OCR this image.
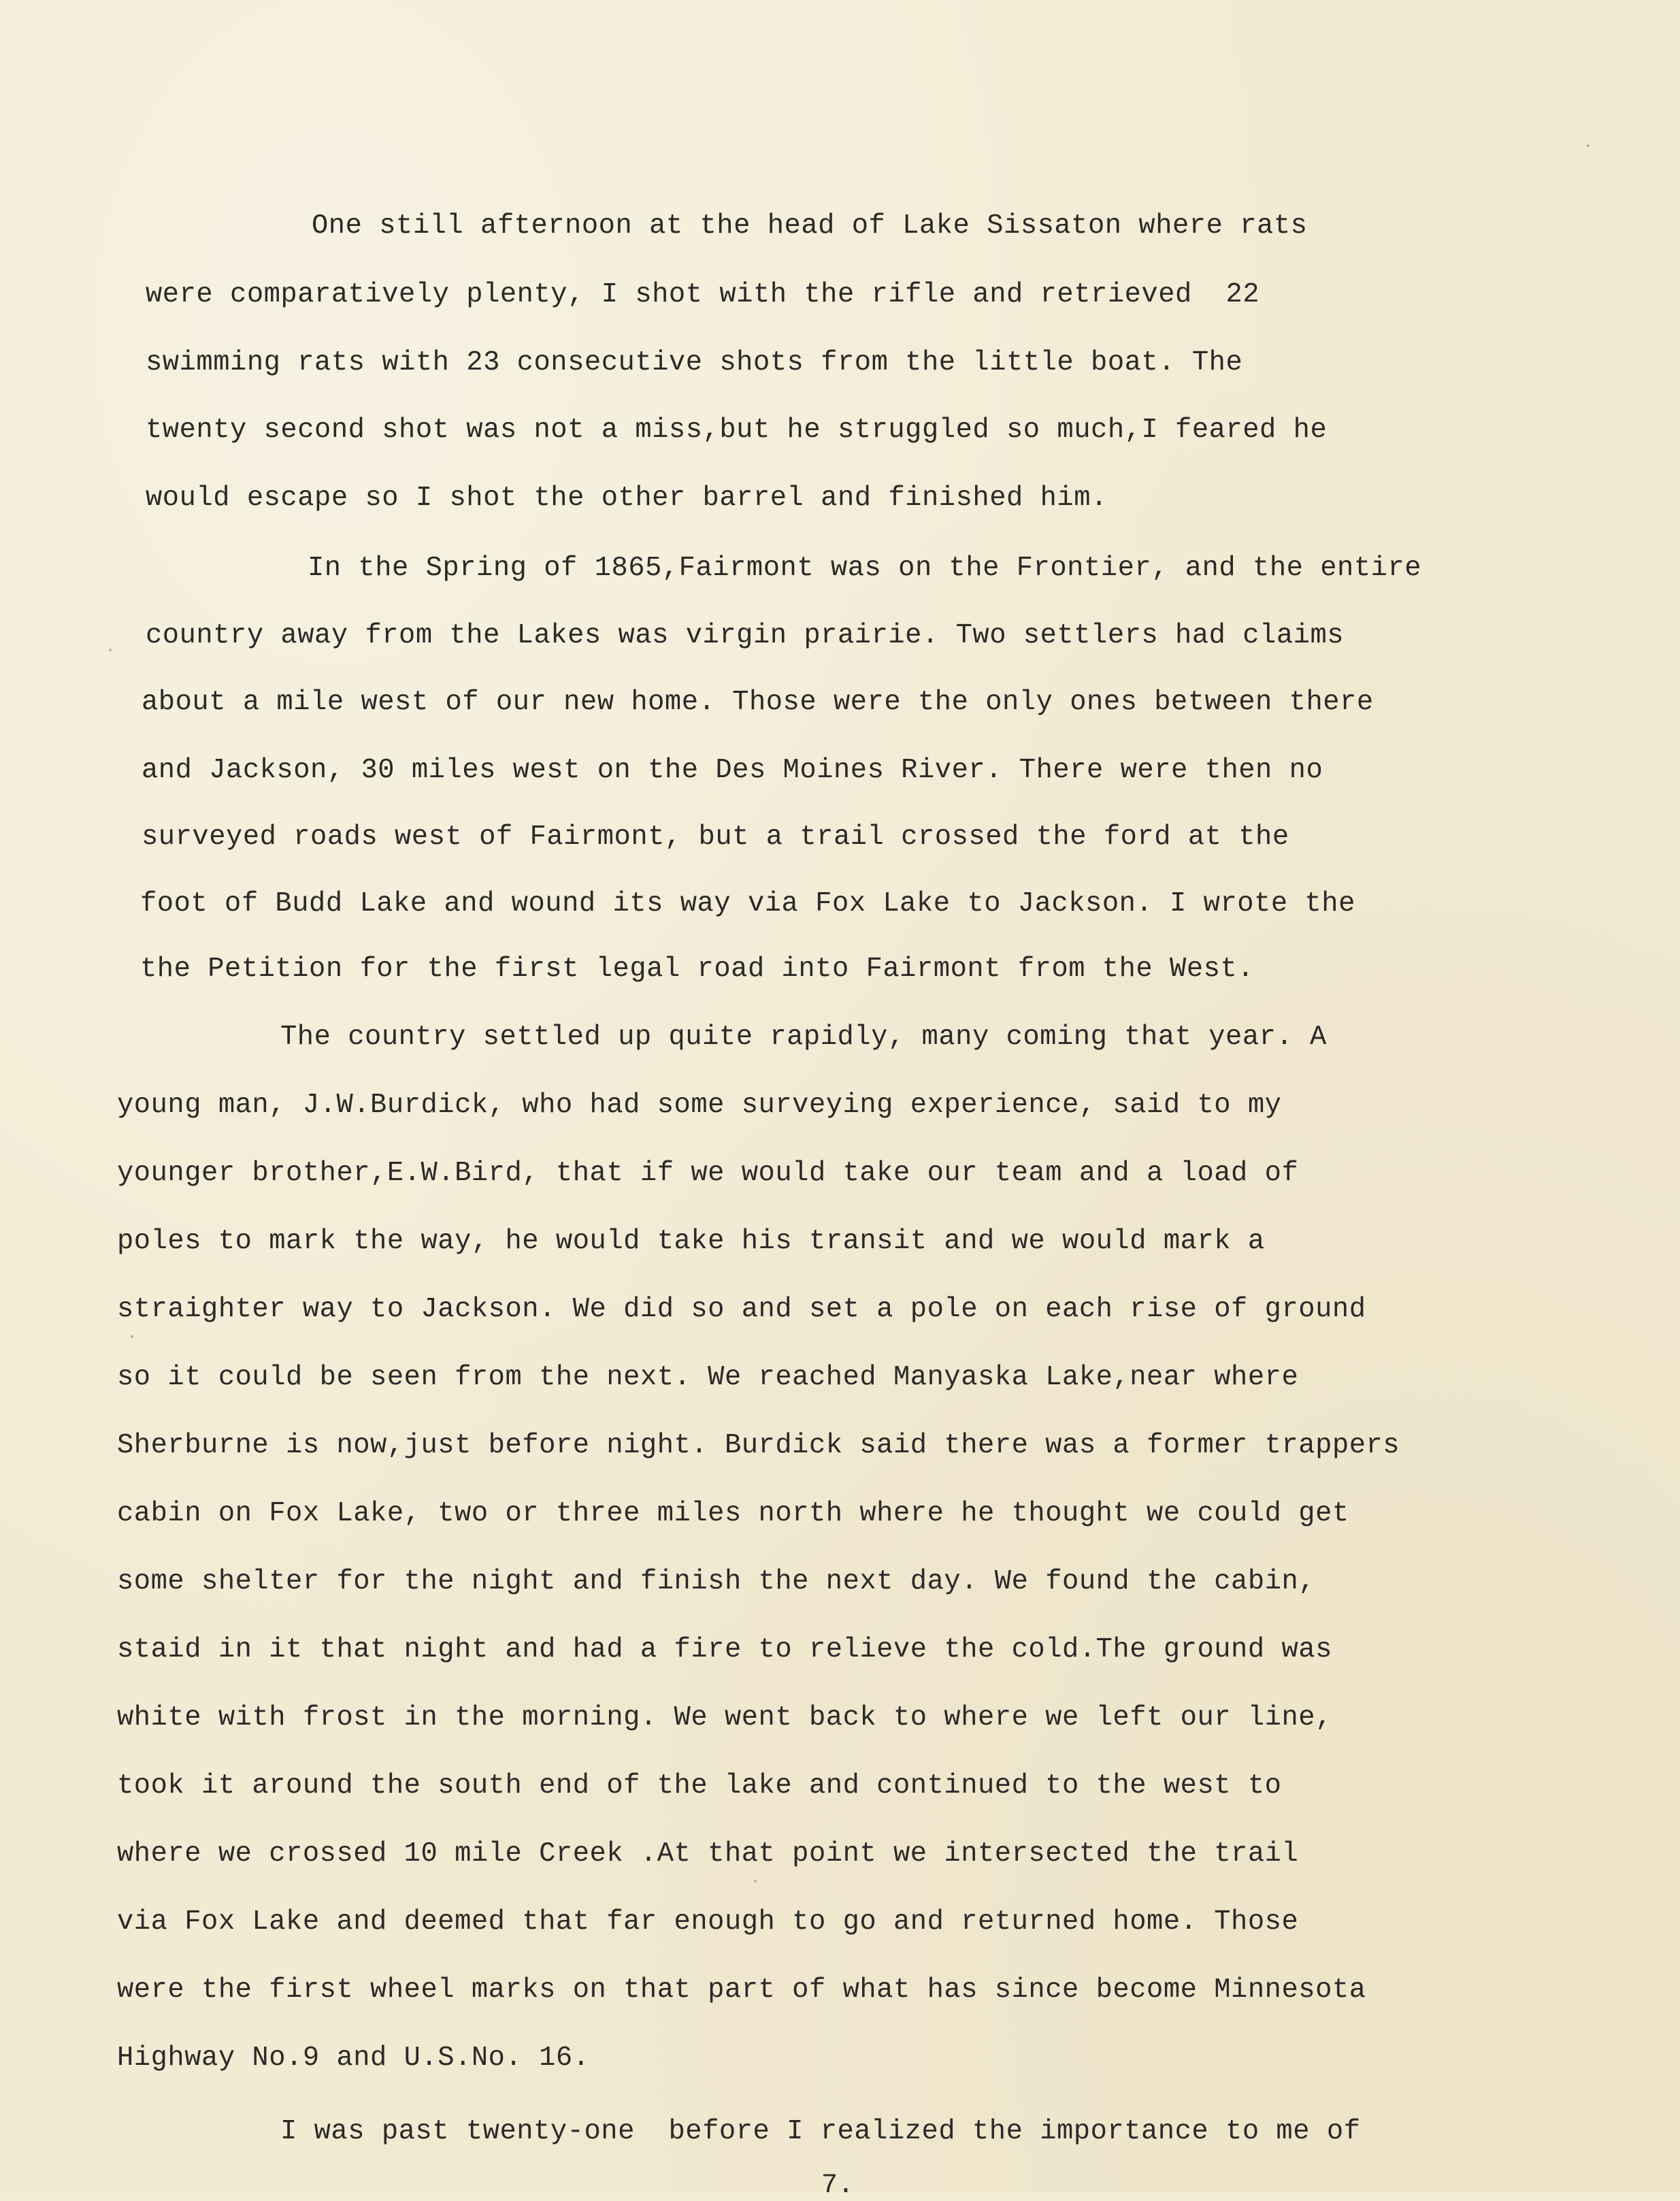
One still afternoon at the head of Lake Sissaton where rats
were comparatively plenty, I shot with the rifle and retrieved  22
swimming rats with 23 consecutive shots from the little boat. The
twenty second shot was not a miss,but he struggled so much,I feared he
would escape so I shot the other barrel and finished him.
In the Spring of 1865,Fairmont was on the Frontier, and the entire
country away from the Lakes was virgin prairie. Two settlers had claims
about a mile west of our new home. Those were the only ones between there
and Jackson, 30 miles west on the Des Moines River. There were then no
surveyed roads west of Fairmont, but a trail crossed the ford at the
foot of Budd Lake and wound its way via Fox Lake to Jackson. I wrote the
the Petition for the first legal road into Fairmont from the West.
The country settled up quite rapidly, many coming that year. A
young man, J.W.Burdick, who had some surveying experience, said to my
younger brother,E.W.Bird, that if we would take our team and a load of
poles to mark the way, he would take his transit and we would mark a
straighter way to Jackson. We did so and set a pole on each rise of ground
so it could be seen from the next. We reached Manyaska Lake,near where
Sherburne is now,just before night. Burdick said there was a former trappers
cabin on Fox Lake, two or three miles north where he thought we could get
some shelter for the night and finish the next day. We found the cabin,
staid in it that night and had a fire to relieve the cold.The ground was
white with frost in the morning. We went back to where we left our line,
took it around the south end of the lake and continued to the west to
where we crossed 10 mile Creek .At that point we intersected the trail
via Fox Lake and deemed that far enough to go and returned home. Those
were the first wheel marks on that part of what has since become Minnesota
Highway No.9 and U.S.No. 16.
I was past twenty-one  before I realized the importance to me of
7.
